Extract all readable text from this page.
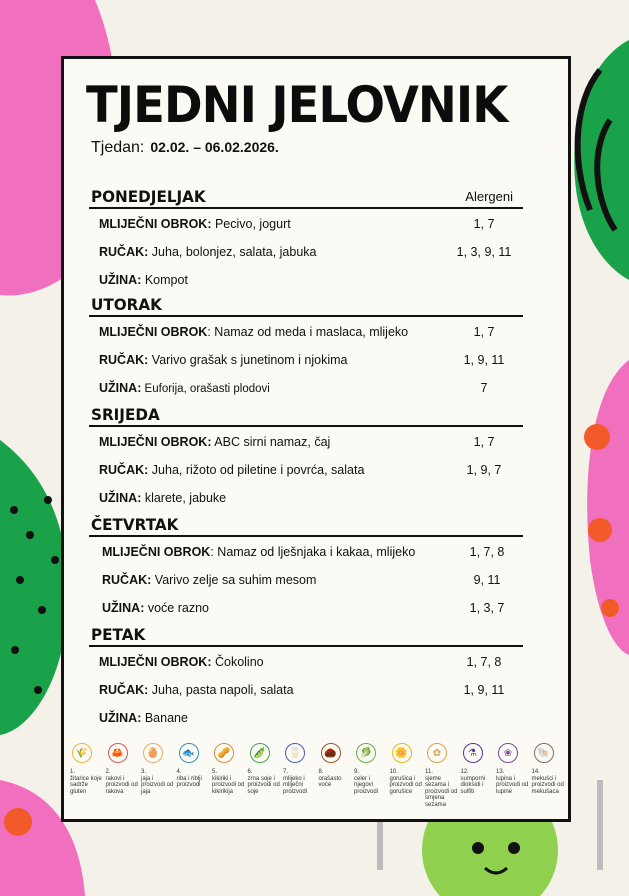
TJEDNI JELOVNIK
Tjedan: 02.02. – 06.02.2026.
PONEDJELJAK	Alergeni
MLIJEČNI OBROK: Pecivo, jogurt	1, 7
RUČAK: Juha, bolonjez, salata, jabuka	1, 3, 9, 11
UŽINA: Kompot
UTORAK
MLIJEČNI OBROK: Namaz od meda i maslaca, mlijeko	1, 7
RUČAK: Varivo grašak s junetinom i njokima	1, 9, 11
UŽINA: Euforija, orašasti plodovi	7
SRIJEDA
MLIJEČNI OBROK: ABC sirni namaz, čaj	1, 7
RUČAK: Juha, rižoto od piletine i povrća, salata	1, 9, 7
UŽINA: klarete, jabuke
ČETVRTAK
MLIJEČNI OBROK: Namaz od lješnjaka i kakaa, mlijeko	1, 7, 8
RUČAK: Varivo zelje sa suhim mesom	9, 11
UŽINA: voće razno	1, 3, 7
PETAK
MLIJEČNI OBROK: Čokolino	1, 7, 8
RUČAK: Juha, pasta napoli, salata	1, 9, 11
UŽINA: Banane
🌾
1.
žitarice koje sadrže gluten
🦀
2.
rakovi i proizvodi od rakova
🥚
3.
jaja i proizvodi od jaja
🐟
4.
riba i riblji proizvodi
🥜
5.
kikiriki i proizvodi od kikirikija
🫛
6.
zrna soje i proizvodi od soje
🥛
7.
mlijeko i mliječni proizvodi
🌰
8.
orašasto voće
🥬
9.
celer i njegovi proizvodi
🌼
10.
gorušica i proizvodi od gorušice
✿
11.
sjeme sezama i proizvodi od smjena sezama
⚗
12.
sumporni dioksidi i sulfiti
❀
13.
lupina i proizvodi od lupine
🐚
14.
mekušci i proizvodi od mekušaca
